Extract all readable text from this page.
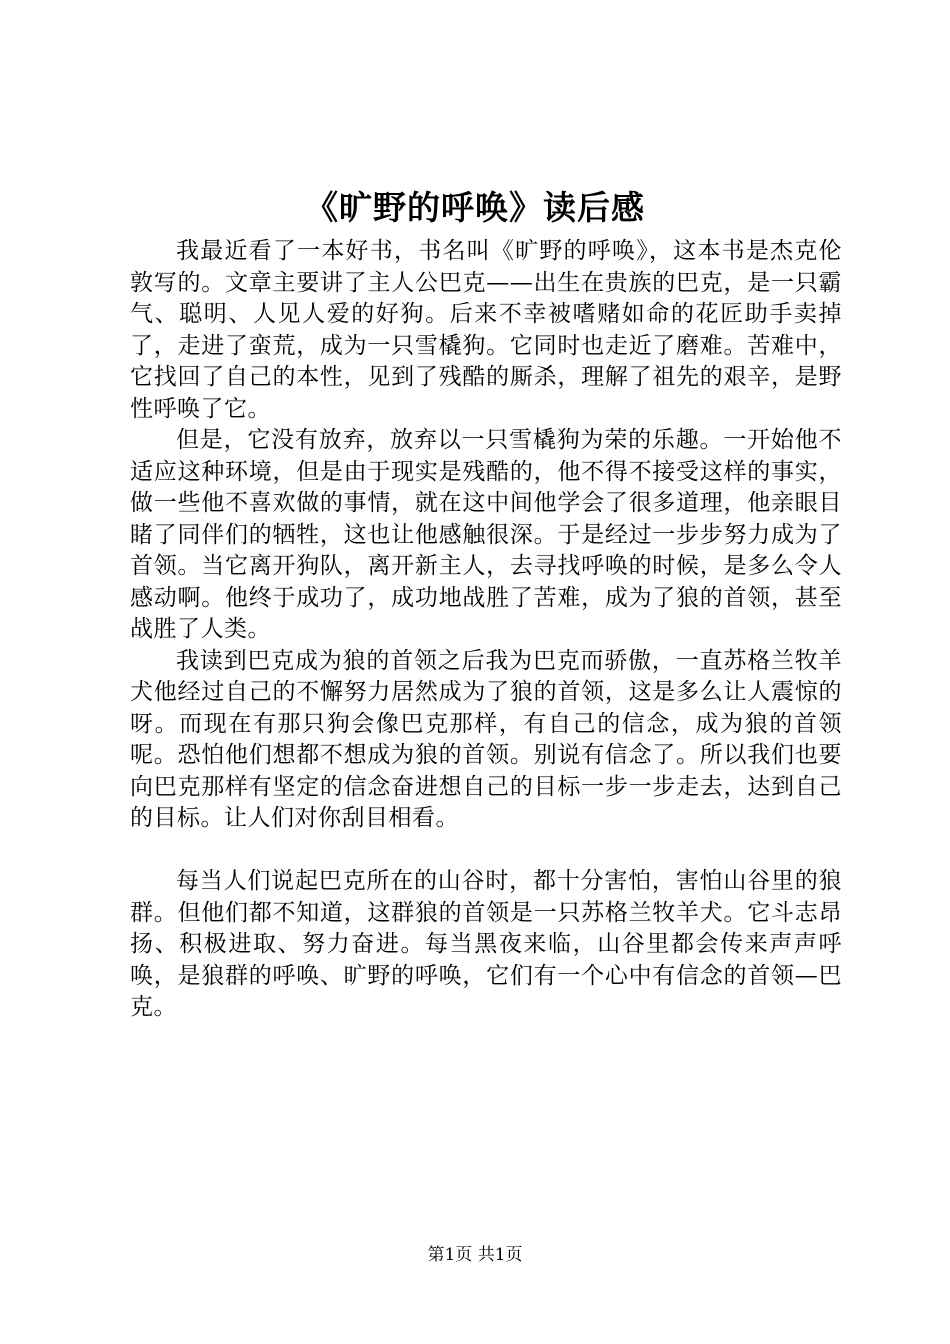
《旷野的呼唤》读后感

我最近看了一本好书，书名叫《旷野的呼唤》，这本书是杰克伦敦写的。文章主要讲了主人公巴克——出生在贵族的巴克，是一只霸气、聪明、人见人爱的好狗。后来不幸被嗜赌如命的花匠助手卖掉了，走进了蛮荒，成为一只雪橇狗。它同时也走近了磨难。苦难中，它找回了自己的本性，见到了残酷的厮杀，理解了祖先的艰辛，是野性呼唤了它。

但是，它没有放弃，放弃以一只雪橇狗为荣的乐趣。一开始他不适应这种环境，但是由于现实是残酷的，他不得不接受这样的事实，做一些他不喜欢做的事情，就在这中间他学会了很多道理，他亲眼目睹了同伴们的牺牲，这也让他感触很深。于是经过一步步努力成为了首领。当它离开狗队，离开新主人，去寻找呼唤的时候，是多么令人感动啊。他终于成功了，成功地战胜了苦难，成为了狼的首领，甚至战胜了人类。

我读到巴克成为狼的首领之后我为巴克而骄傲，一直苏格兰牧羊犬他经过自己的不懈努力居然成为了狼的首领，这是多么让人震惊的呀。而现在有那只狗会像巴克那样，有自己的信念，成为狼的首领呢。恐怕他们想都不想成为狼的首领。别说有信念了。所以我们也要向巴克那样有坚定的信念奋进想自己的目标一步一步走去，达到自己的目标。让人们对你刮目相看。

每当人们说起巴克所在的山谷时，都十分害怕，害怕山谷里的狼群。但他们都不知道，这群狼的首领是一只苏格兰牧羊犬。它斗志昂扬、积极进取、努力奋进。每当黑夜来临，山谷里都会传来声声呼唤，是狼群的呼唤、旷野的呼唤，它们有一个心中有信念的首领—巴克。

第1页 共1页
